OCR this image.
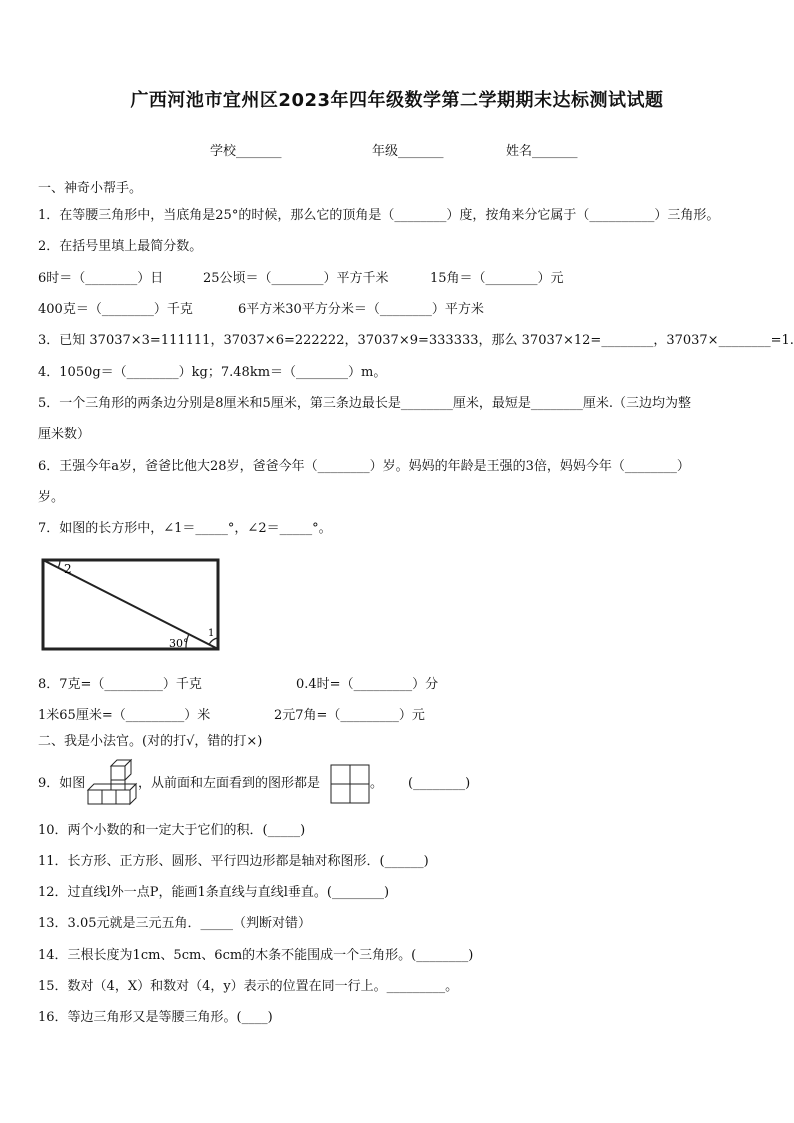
广西河池市宜州区2023年四年级数学第二学期期末达标测试试题
学校_______	年级_______	姓名_______
一、神奇小帮手。
1．在等腰三角形中，当底角是25°的时候，那么它的顶角是（________）度，按角来分它属于（__________）三角形。
2．在括号里填上最简分数。
6时＝（________）日	25公顷＝（________）平方千米	15角＝（________）元
400克＝（________）千克	6平方米30平方分米＝（________）平方米
3．已知 37037×3=111111，37037×6=222222，37037×9=333333，那么 37037×12=________，37037×________=1.
4．1050g＝（________）kg；7.48km＝（________）m。
5．一个三角形的两条边分别是8厘米和5厘米，第三条边最长是________厘米，最短是________厘米.（三边均为整
厘米数）
6．王强今年a岁，爸爸比他大28岁，爸爸今年（________）岁。妈妈的年龄是王强的3倍，妈妈今年（________）
岁。
7．如图的长方形中，∠1＝_____°，∠2＝_____°。
2
30°
1
8．7克=（_________）千克	0.4时=（_________）分
1米65厘米=（_________）米	2元7角=（_________）元
二、我是小法官。(对的打√，错的打×)
9．如图	，从前面和左面看到的图形都是	。 (________)
10．两个小数的和一定大于它们的积．(_____)
11．长方形、正方形、圆形、平行四边形都是轴对称图形．(______)
12．过直线l外一点P，能画1条直线与直线l垂直。(________)
13．3.05元就是三元五角．_____（判断对错）
14．三根长度为1cm、5cm、6cm的木条不能围成一个三角形。(________)
15．数对（4，X）和数对（4，y）表示的位置在同一行上。_________。
16．等边三角形又是等腰三角形。(____)
